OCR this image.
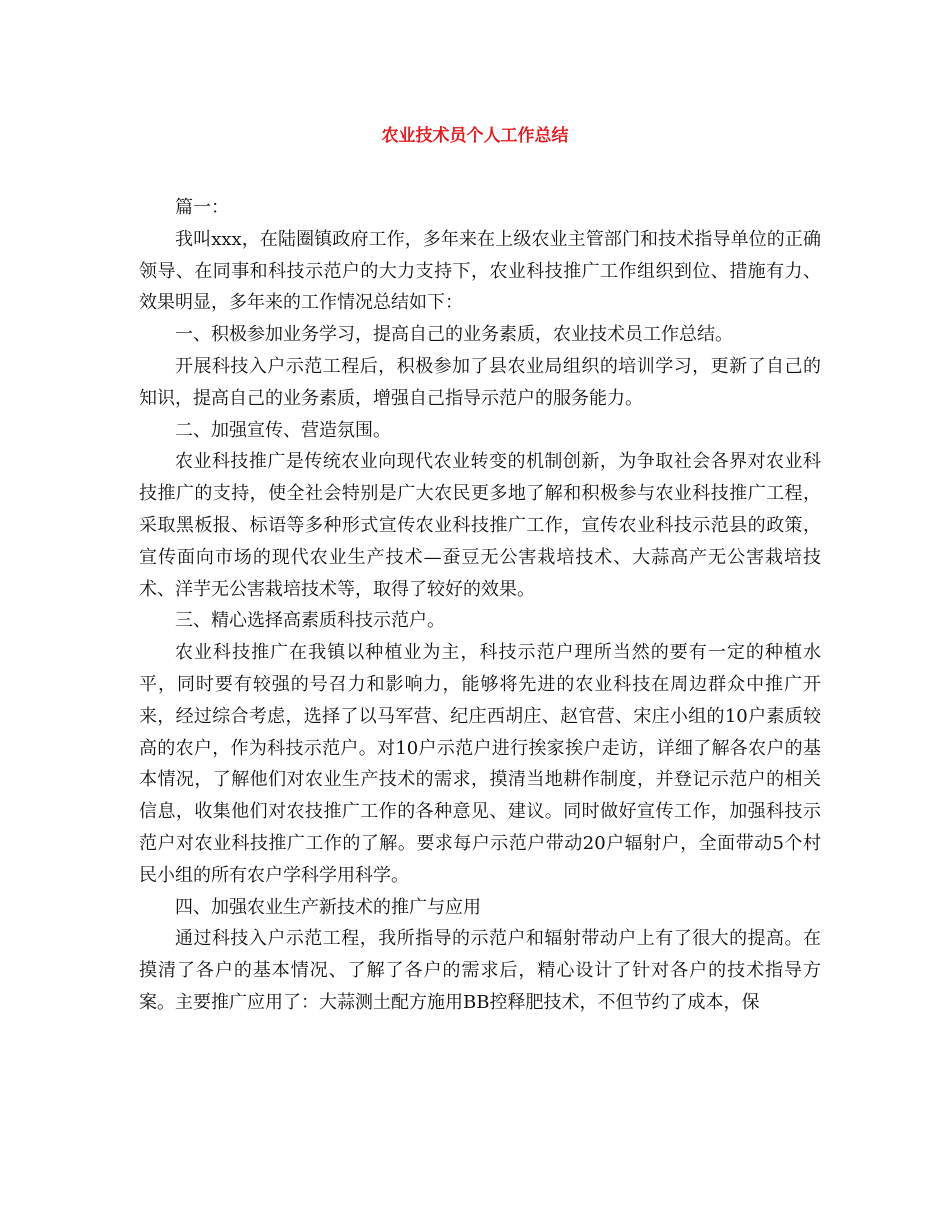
农业技术员个人工作总结

篇一：

我叫xxx，在陆圈镇政府工作，多年来在上级农业主管部门和技术指导单位的正确领导、在同事和科技示范户的大力支持下，农业科技推广工作组织到位、措施有力、效果明显，多年来的工作情况总结如下：

一、积极参加业务学习，提高自己的业务素质，农业技术员工作总结。

开展科技入户示范工程后，积极参加了县农业局组织的培训学习，更新了自己的知识，提高自己的业务素质，增强自己指导示范户的服务能力。

二、加强宣传、营造氛围。

农业科技推广是传统农业向现代农业转变的机制创新，为争取社会各界对农业科技推广的支持，使全社会特别是广大农民更多地了解和积极参与农业科技推广工程，采取黑板报、标语等多种形式宣传农业科技推广工作，宣传农业科技示范县的政策，宣传面向市场的现代农业生产技术—蚕豆无公害栽培技术、大蒜高产无公害栽培技术、洋芋无公害栽培技术等，取得了较好的效果。

三、精心选择高素质科技示范户。

农业科技推广在我镇以种植业为主，科技示范户理所当然的要有一定的种植水平，同时要有较强的号召力和影响力，能够将先进的农业科技在周边群众中推广开来，经过综合考虑，选择了以马军营、纪庄西胡庄、赵官营、宋庄小组的10户素质较高的农户，作为科技示范户。对10户示范户进行挨家挨户走访，详细了解各农户的基本情况，了解他们对农业生产技术的需求，摸清当地耕作制度，并登记示范户的相关信息，收集他们对农技推广工作的各种意见、建议。同时做好宣传工作，加强科技示范户对农业科技推广工作的了解。要求每户示范户带动20户辐射户，全面带动5个村民小组的所有农户学科学用科学。

四、加强农业生产新技术的推广与应用

通过科技入户示范工程，我所指导的示范户和辐射带动户上有了很大的提高。在摸清了各户的基本情况、了解了各户的需求后，精心设计了针对各户的技术指导方案。主要推广应用了：大蒜测土配方施用BB控释肥技术，不但节约了成本，保
